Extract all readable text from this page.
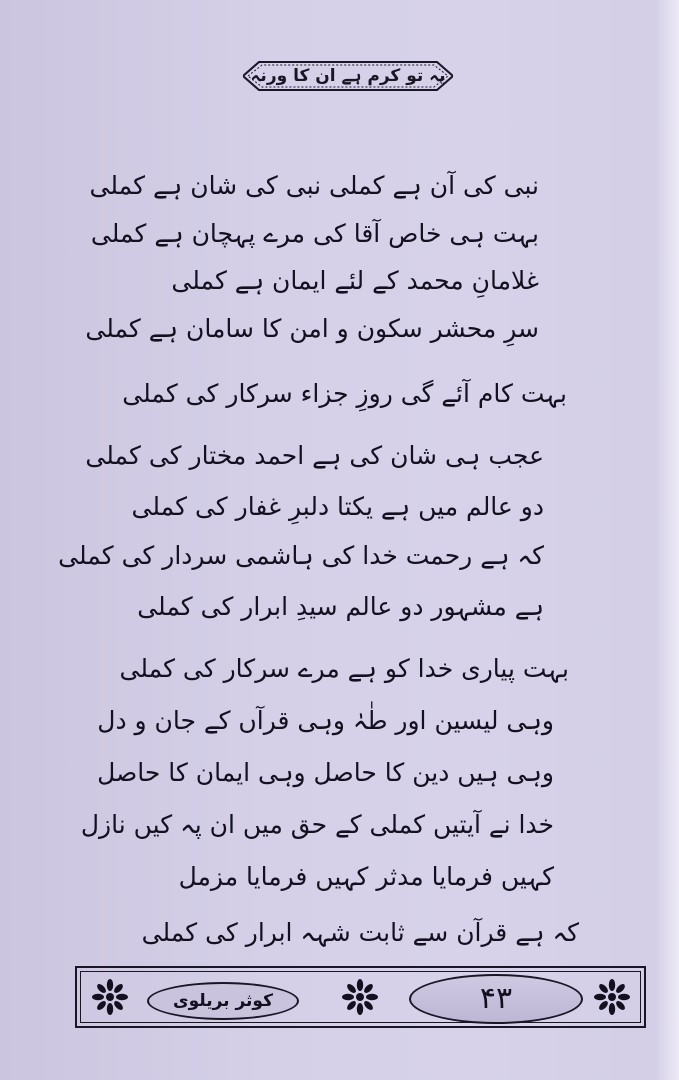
یہ تو کرم ہے ان کا ورنہ
نبی کی آن ہے کملی نبی کی شان ہے کملی
بہت ہی خاص آقا کی مرے پہچان ہے کملی
غلامانِ محمد کے لئے ایمان ہے کملی
سرِ محشر سکون و امن کا سامان ہے کملی
بہت کام آئے گی روزِ جزاء سرکار کی کملی
عجب ہی شان کی ہے احمد مختار کی کملی
دو عالم میں ہے یکتا دلبرِ غفار کی کملی
کہ ہے رحمت خدا کی ہاشمی سردار کی کملی
ہے مشہور دو عالم سیدِ ابرار کی کملی
بہت پیاری خدا کو ہے مرے سرکار کی کملی
وہی لیسین اور طٰہٰ وہی قرآں کے جان و دل
وہی ہیں دین کا حاصل وہی ایمان کا حاصل
خدا نے آیتیں کملی کے حق میں ان پہ کیں نازل
کہیں فرمایا مدثر کہیں فرمایا مزمل
کہ ہے قرآن سے ثابت شہہ ابرار کی کملی
کوثر بریلوی	۴۳
